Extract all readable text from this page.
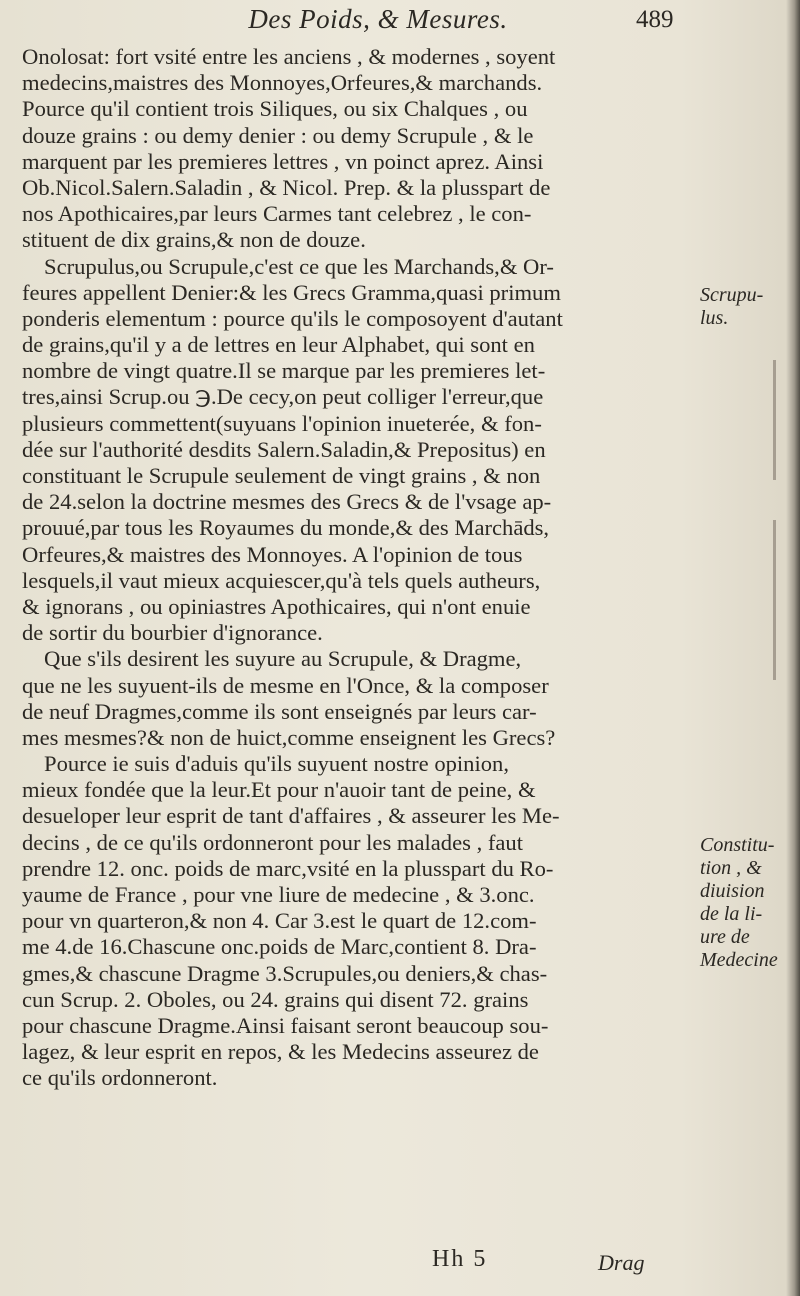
Des Poids, & Mesures.	489
Onolosat: fort vsité entre les anciens , & modernes , soyent
medecins,maistres des Monnoyes,Orfeures,& marchands.
Pource qu'il contient trois Siliques, ou six Chalques , ou
douze grains : ou demy denier : ou demy Scrupule , & le
marquent par les premieres lettres , vn poinct aprez. Ainsi
Ob.Nicol.Salern.Saladin , & Nicol. Prep. & la plusspart de
nos Apothicaires,par leurs Carmes tant celebrez , le con-
stituent de dix grains,& non de douze.
Scrupulus,ou Scrupule,c'est ce que les Marchands,& Or-
feures appellent Denier:& les Grecs Gramma,quasi primum
ponderis elementum : pource qu'ils le composoyent d'autant
de grains,qu'il y a de lettres en leur Alphabet, qui sont en
nombre de vingt quatre.Il se marque par les premieres let-
tres,ainsi Scrup.ou ℈.De cecy,on peut colliger l'erreur,que
plusieurs commettent(suyuans l'opinion inueterée, & fon-
dée sur l'authorité desdits Salern.Saladin,& Prepositus) en
constituant le Scrupule seulement de vingt grains , & non
de 24.selon la doctrine mesmes des Grecs & de l'vsage ap-
prouué,par tous les Royaumes du monde,& des Marchāds,
Orfeures,& maistres des Monnoyes. A l'opinion de tous
lesquels,il vaut mieux acquiescer,qu'à tels quels autheurs,
& ignorans , ou opiniastres Apothicaires, qui n'ont enuie
de sortir du bourbier d'ignorance.
Que s'ils desirent les suyure au Scrupule, & Dragme,
que ne les suyuent-ils de mesme en l'Once, & la composer
de neuf Dragmes,comme ils sont enseignés par leurs car-
mes mesmes?& non de huict,comme enseignent les Grecs?
Pource ie suis d'aduis qu'ils suyuent nostre opinion,
mieux fondée que la leur.Et pour n'auoir tant de peine, &
desueloper leur esprit de tant d'affaires , & asseurer les Me-
decins , de ce qu'ils ordonneront pour les malades , faut
prendre 12. onc. poids de marc,vsité en la plusspart du Ro-
yaume de France , pour vne liure de medecine , & 3.onc.
pour vn quarteron,& non 4. Car 3.est le quart de 12.com-
me 4.de 16.Chascune onc.poids de Marc,contient 8. Dra-
gmes,& chascune Dragme 3.Scrupules,ou deniers,& chas-
cun Scrup. 2. Oboles, ou 24. grains qui disent 72. grains
pour chascune Dragme.Ainsi faisant seront beaucoup sou-
lagez, & leur esprit en repos, & les Medecins asseurez de
ce qu'ils ordonneront.
Scrupu-
lus.
Constitu-
tion , &
diuision
de la li-
ure de
Medecine
Hh 5	Drag
